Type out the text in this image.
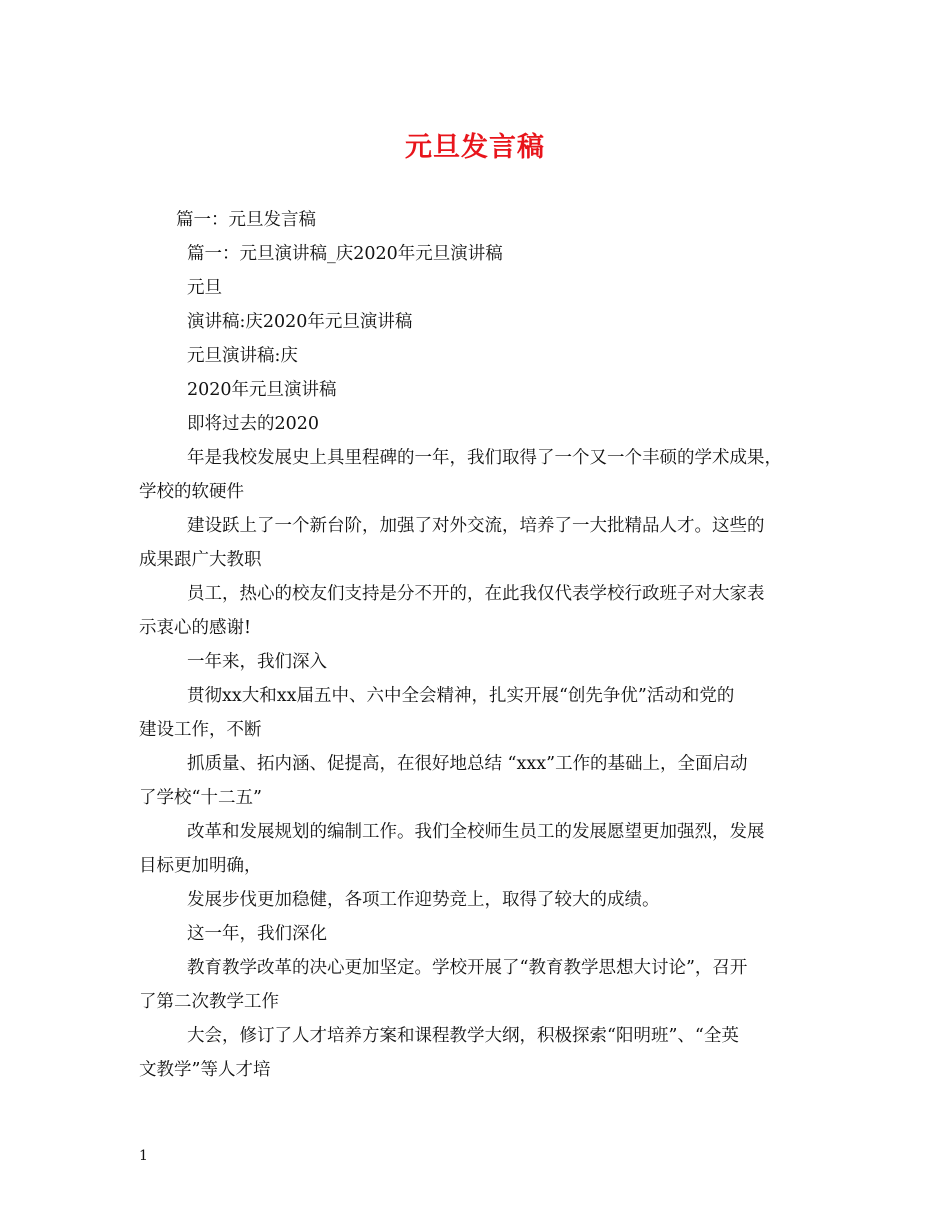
元旦发言稿
篇一：元旦发言稿
篇一：元旦演讲稿_庆2020年元旦演讲稿
元旦
演讲稿:庆2020年元旦演讲稿
元旦演讲稿:庆
2020年元旦演讲稿
即将过去的2020
年是我校发展史上具里程碑的一年，我们取得了一个又一个丰硕的学术成果，
学校的软硬件
建设跃上了一个新台阶，加强了对外交流，培养了一大批精品人才。这些的
成果跟广大教职
员工，热心的校友们支持是分不开的，在此我仅代表学校行政班子对大家表
示衷心的感谢!
一年来，我们深入
贯彻xx大和xx届五中、六中全会精神，扎实开展“创先争优”活动和党的
建设工作，不断
抓质量、拓内涵、促提高，在很好地总结 “xxx”工作的基础上，全面启动
了学校“十二五”
改革和发展规划的编制工作。我们全校师生员工的发展愿望更加强烈，发展
目标更加明确，
发展步伐更加稳健，各项工作迎势竞上，取得了较大的成绩。
这一年，我们深化
教育教学改革的决心更加坚定。学校开展了“教育教学思想大讨论”，召开
了第二次教学工作
大会，修订了人才培养方案和课程教学大纲，积极探索“阳明班”、“全英
文教学”等人才培
1
